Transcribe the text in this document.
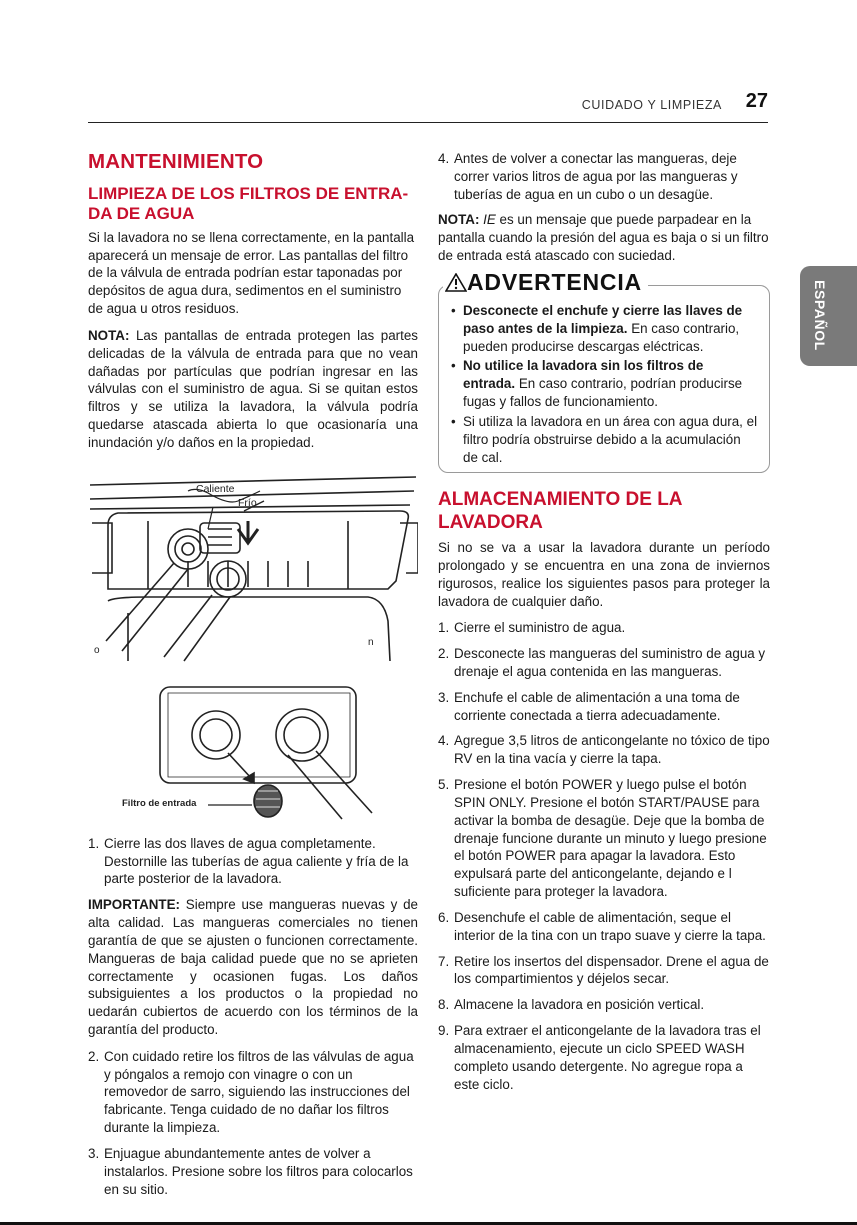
CUIDADO Y LIMPIEZA 27
ESPAÑOL
MANTENIMIENTO
LIMPIEZA DE LOS FILTROS DE ENTRA-DA DE AGUA

Si la lavadora no se llena correctamente, en la pantalla aparecerá un mensaje de error. Las pantallas del filtro de la válvula de entrada podrían estar taponadas por depósitos de agua dura, sedimentos en el suministro de agua u otros residuos.

NOTA: Las pantallas de entrada protegen las partes delicadas de la válvula de entrada para que no vean dañadas por partículas que podrían ingresar en las válvulas con el suministro de agua. Si se quitan estos filtros y se utiliza la lavadora, la válvula podría quedarse atascada abierta lo que ocasionaría una inundación y/o daños en la propiedad.

n
o
Caliente
Frío
Filtro de entrada
1. Cierre las dos llaves de agua completamente. Destornille las tuberías de agua caliente y fría de la parte posterior de la lavadora.

IMPORTANTE: Siempre use mangueras nuevas y de alta calidad. Las mangueras comerciales no tienen garantía de que se ajusten o funcionen correctamente. Mangueras de baja calidad puede que no se aprieten correctamente y ocasionen fugas. Los daños subsiguientes a los productos o la propiedad no uedarán cubiertos de acuerdo con los términos de la garantía del producto.

2. Con cuidado retire los filtros de las válvulas de agua y póngalos a remojo con vinagre o con un removedor de sarro, siguiendo las instrucciones del fabricante. Tenga cuidado de no dañar los filtros durante la limpieza.
3. Enjuague abundantemente antes de volver a instalarlos. Presione sobre los filtros para colocarlos en su sitio.
4. Antes de volver a conectar las mangueras, deje correr varios litros de agua por las mangueras y tuberías de agua en un cubo o un desagüe.

NOTA: IE es un mensaje que puede parpadear en la pantalla cuando la presión del agua es baja o si un filtro de entrada está atascado con suciedad.

ADVERTENCIA
• Desconecte el enchufe y cierre las llaves de paso antes de la limpieza. En caso contrario, pueden producirse descargas eléctricas.
• No utilice la lavadora sin los filtros de entrada. En caso contrario, podrían producirse fugas y fallos de funcionamiento.
• Si utiliza la lavadora en un área con agua dura, el filtro podría obstruirse debido a la acumulación de cal.
ALMACENAMIENTO DE LA LAVADORA

Si no se va a usar la lavadora durante un período prolongado y se encuentra en una zona de inviernos rigurosos, realice los siguientes pasos para proteger la lavadora de cualquier daño.

1. Cierre el suministro de agua.
2. Desconecte las mangueras del suministro de agua y drenaje el agua contenida en las mangueras.
3. Enchufe el cable de alimentación a una toma de corriente conectada a tierra adecuadamente.
4. Agregue 3,5 litros de anticongelante no tóxico de tipo RV en la tina vacía y cierre la tapa.
5. Presione el botón POWER y luego pulse el botón SPIN ONLY. Presione el botón START/PAUSE para activar la bomba de desagüe. Deje que la bomba de drenaje funcione durante un minuto y luego presione el botón POWER para apagar la lavadora. Esto expulsará parte del anticongelante, dejando e l suficiente para proteger la lavadora.
6. Desenchufe el cable de alimentación, seque el interior de la tina con un trapo suave y cierre la tapa.
7. Retire los insertos del dispensador. Drene el agua de los compartimientos y déjelos secar.
8. Almacene la lavadora en posición vertical.
9. Para extraer el anticongelante de la lavadora tras el almacenamiento, ejecute un ciclo SPEED WASH completo usando detergente. No agregue ropa a este ciclo.
